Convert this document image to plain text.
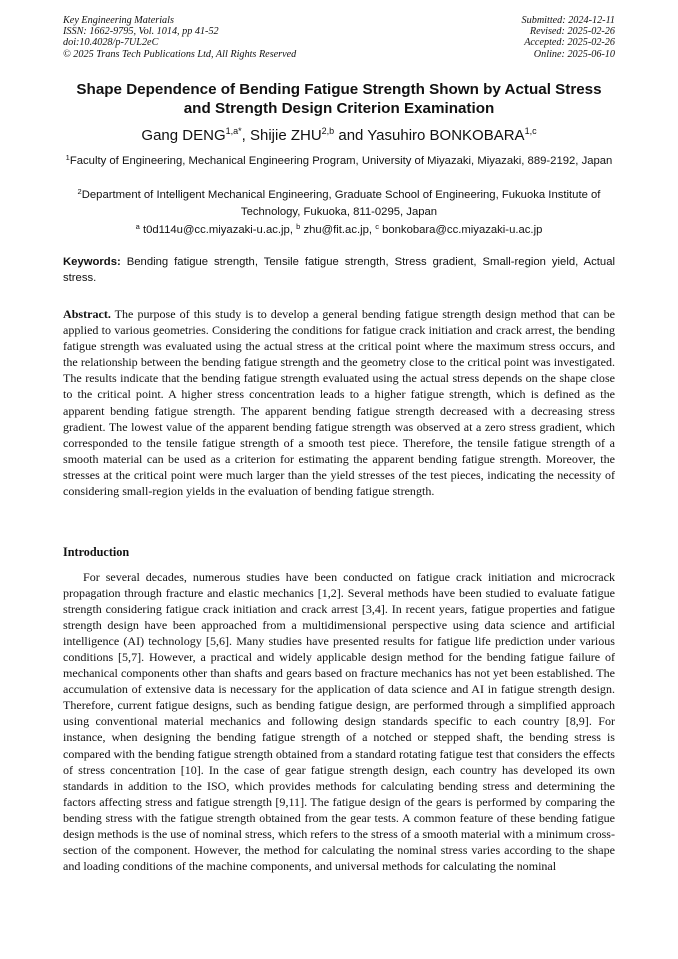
Key Engineering Materials
ISSN: 1662-9795, Vol. 1014, pp 41-52
doi:10.4028/p-7UL2eC
© 2025 Trans Tech Publications Ltd, All Rights Reserved
Submitted: 2024-12-11
Revised: 2025-02-26
Accepted: 2025-02-26
Online: 2025-06-10
Shape Dependence of Bending Fatigue Strength Shown by Actual Stress and Strength Design Criterion Examination
Gang $DENG^{1,a*}$, Shijie ZHU$^{2,b}$ and Yasuhiro BONKOBARA$^{1,c}$
$^1$Faculty of Engineering, Mechanical Engineering Program, University of Miyazaki, Miyazaki, 889-2192, Japan
$^2$Department of Intelligent Mechanical Engineering, Graduate School of Engineering, Fukuoka Institute of Technology, Fukuoka, 811-0295, Japan
$^a$ t0d114u@cc.miyazaki-u.ac.jp, $^b$ zhu@fit.ac.jp, $^c$ bonkobara@cc.miyazaki-u.ac.jp
Keywords: Bending fatigue strength, Tensile fatigue strength, Stress gradient, Small-region yield, Actual stress.
Abstract. The purpose of this study is to develop a general bending fatigue strength design method that can be applied to various geometries. Considering the conditions for fatigue crack initiation and crack arrest, the bending fatigue strength was evaluated using the actual stress at the critical point where the maximum stress occurs, and the relationship between the bending fatigue strength and the geometry close to the critical point was investigated. The results indicate that the bending fatigue strength evaluated using the actual stress depends on the shape close to the critical point. A higher stress concentration leads to a higher fatigue strength, which is defined as the apparent bending fatigue strength. The apparent bending fatigue strength decreased with a decreasing stress gradient. The lowest value of the apparent bending fatigue strength was observed at a zero stress gradient, which corresponded to the tensile fatigue strength of a smooth test piece. Therefore, the tensile fatigue strength of a smooth material can be used as a criterion for estimating the apparent bending fatigue strength. Moreover, the stresses at the critical point were much larger than the yield stresses of the test pieces, indicating the necessity of considering small-region yields in the evaluation of bending fatigue strength.
Introduction
For several decades, numerous studies have been conducted on fatigue crack initiation and microcrack propagation through fracture and elastic mechanics [1,2]. Several methods have been studied to evaluate fatigue strength considering fatigue crack initiation and crack arrest [3,4]. In recent years, fatigue properties and fatigue strength design have been approached from a multidimensional perspective using data science and artificial intelligence (AI) technology [5,6]. Many studies have presented results for fatigue life prediction under various conditions [5,7]. However, a practical and widely applicable design method for the bending fatigue failure of mechanical components other than shafts and gears based on fracture mechanics has not yet been established. The accumulation of extensive data is necessary for the application of data science and AI in fatigue strength design. Therefore, current fatigue designs, such as bending fatigue design, are performed through a simplified approach using conventional material mechanics and following design standards specific to each country [8,9]. For instance, when designing the bending fatigue strength of a notched or stepped shaft, the bending stress is compared with the bending fatigue strength obtained from a standard rotating fatigue test that considers the effects of stress concentration [10]. In the case of gear fatigue strength design, each country has developed its own standards in addition to the ISO, which provides methods for calculating bending stress and determining the factors affecting stress and fatigue strength [9,11]. The fatigue design of the gears is performed by comparing the bending stress with the fatigue strength obtained from the gear tests. A common feature of these bending fatigue design methods is the use of nominal stress, which refers to the stress of a smooth material with a minimum cross-section of the component. However, the method for calculating the nominal stress varies according to the shape and loading conditions of the machine components, and universal methods for calculating the nominal
